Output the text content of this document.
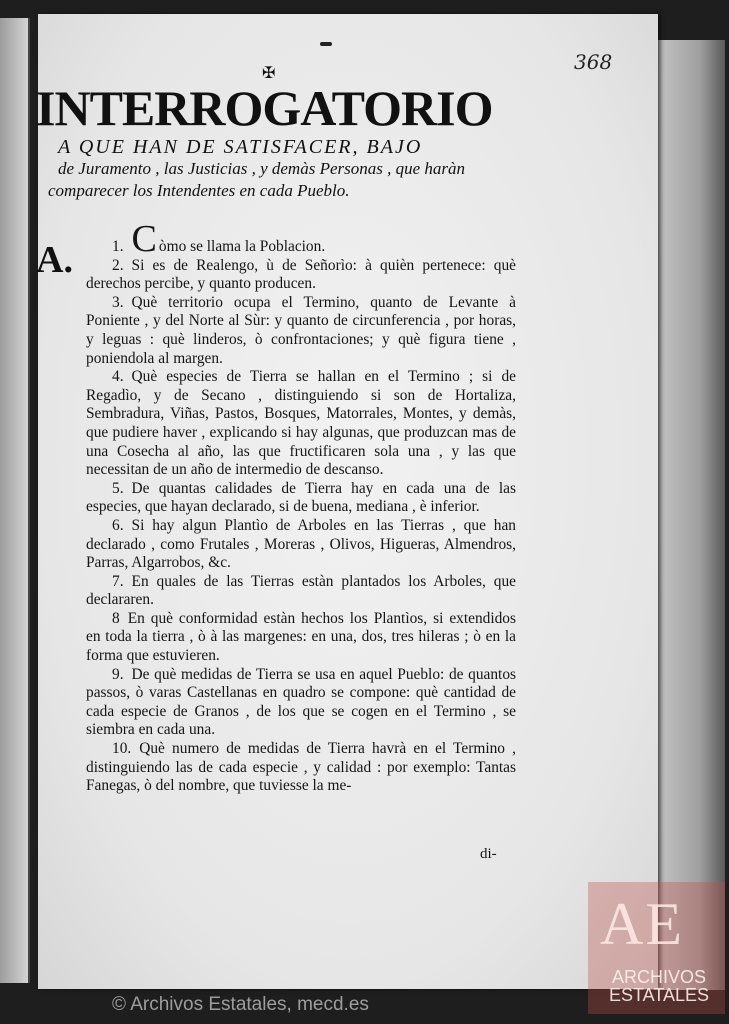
368
✠
INTERROGATORIO
A QUE HAN DE SATISFACER, BAJO
de Juramento , las Justicias , y demàs Personas , que haràn
comparecer los Intendentes en cada Pueblo.
A.	1. C òmo se llama la Poblacion.

2. Si es de Realengo, ù de Señorìo: à quièn pertenece: què derechos percibe, y quanto producen.

3. Què territorio ocupa el Termino, quanto de Levante à Poniente , y del Norte al Sùr: y quanto de circunferencia , por horas, y leguas : què linderos, ò confrontaciones; y què figura tiene , poniendola al margen.

4. Què especies de Tierra se hallan en el Termino ; si de Regadìo, y de Secano , distinguiendo si son de Hortaliza, Sembradura, Viñas, Pastos, Bosques, Matorrales, Montes, y demàs, que pudiere haver , explicando si hay algunas, que produzcan mas de una Cosecha al año, las que fructificaren sola una , y las que necessitan de un año de intermedio de descanso.

5. De quantas calidades de Tierra hay en cada una de las especies, que hayan declarado, si de buena, mediana , è inferior.

6. Si hay algun Plantìo de Arboles en las Tierras , que han declarado , como Frutales , Moreras , Olivos, Higueras, Almendros, Parras, Algarrobos, &c.

7. En quales de las Tierras estàn plantados los Arboles, que declararen.

8 En què conformidad estàn hechos los Plantìos, si extendidos en toda la tierra , ò à las margenes: en una, dos, tres hileras ; ò en la forma que estuvieren.

9. De què medidas de Tierra se usa en aquel Pueblo: de quantos passos, ò varas Castellanas en quadro se compone: què cantidad de cada especie de Granos , de los que se cogen en el Termino , se siembra en cada una.

10. Què numero de medidas de Tierra havrà en el Termino , distinguiendo las de cada especie , y calidad : por exemplo: Tantas Fanegas, ò del nombre, que tuviesse la me-

di-
AE
ARCHIVOS
ESTATALES
© Archivos Estatales, mecd.es
